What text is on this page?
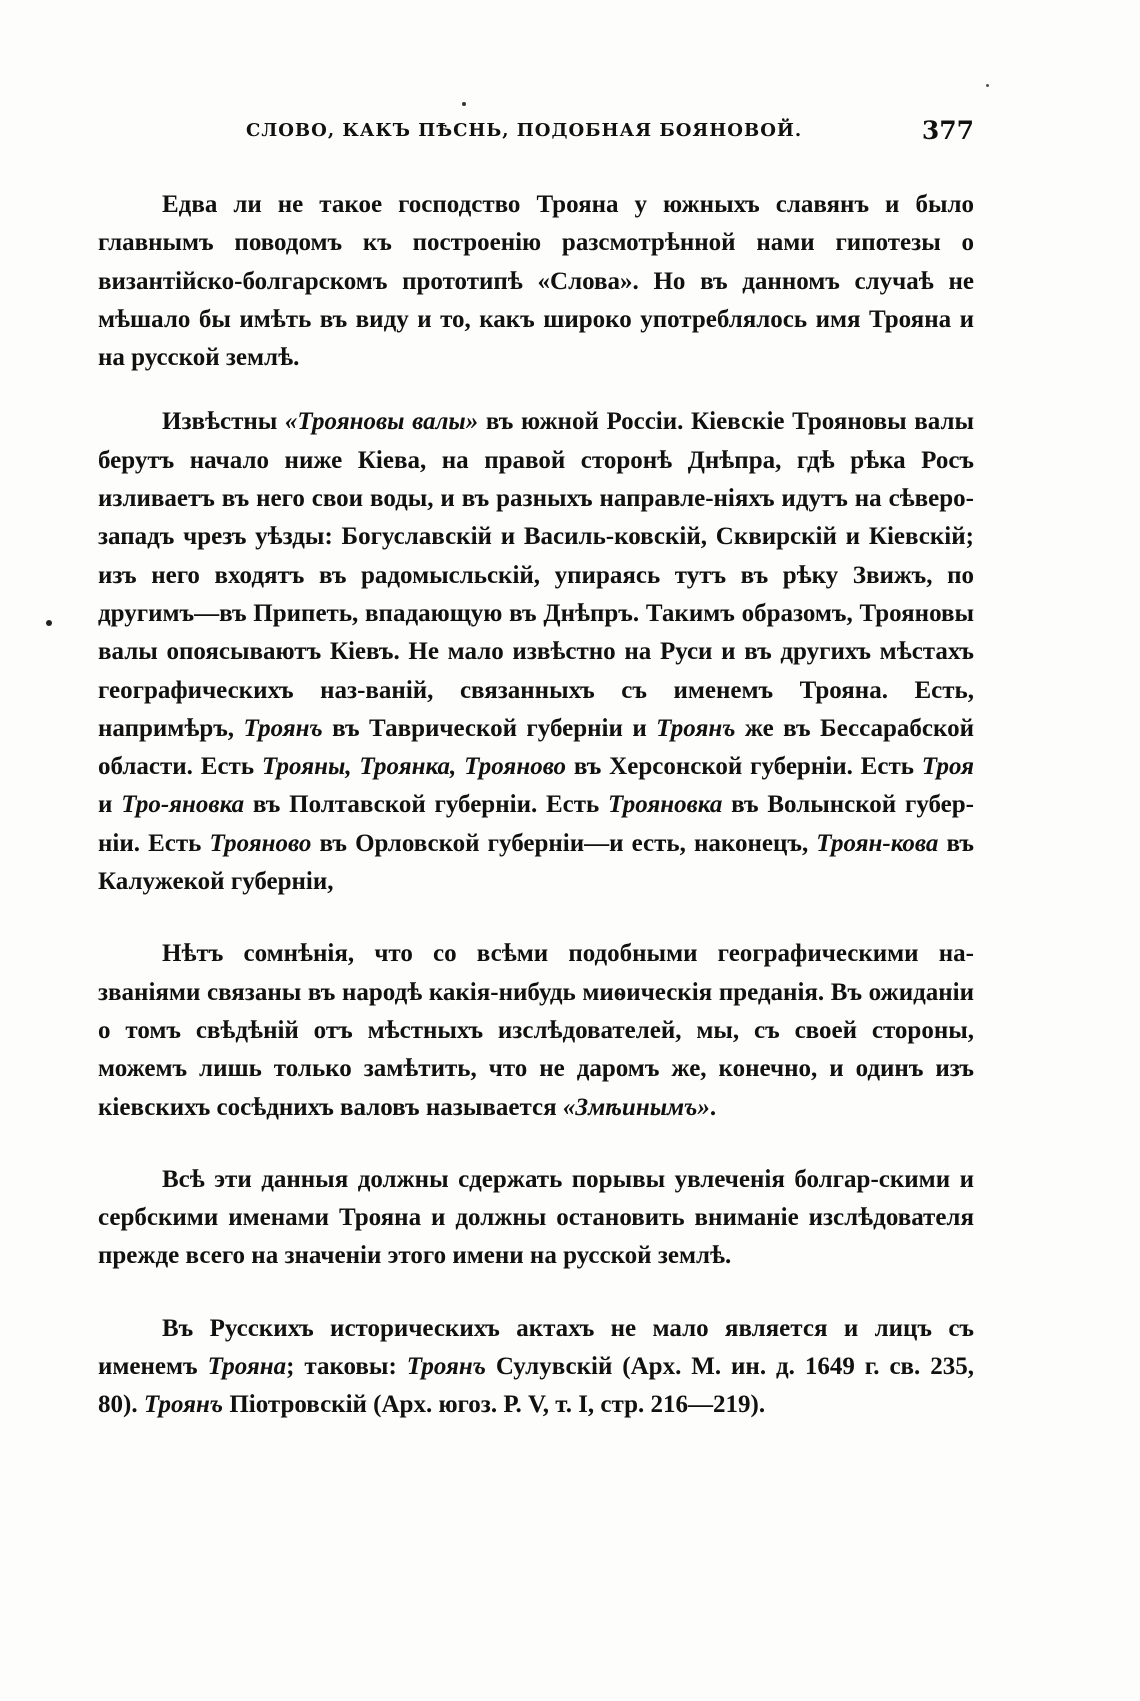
СЛОВО, КАКЪ ПѢСНЬ, ПОДОБНАЯ БОЯНОВОЙ.	377

Едва ли не такое господство Трояна у южныхъ славянъ и было главнымъ поводомъ къ построенію разсмотрѣнной нами гипотезы о византійско-болгарскомъ прототипѣ «Слова». Но въ данномъ случаѣ не мѣшало бы имѣть въ виду и то, какъ широко употреблялось имя Трояна и на русской землѣ.

Извѣстны «Трояновы валы» въ южной Россіи. Кіевскіе Трояновы валы берутъ начало ниже Кіева, на правой сторонѣ Днѣпра, гдѣ рѣка Росъ изливаетъ въ него свои воды, и въ разныхъ направле-ніяхъ идутъ на сѣверо-западъ чрезъ уѣзды: Богуславскій и Василь-ковскій, Сквирскій и Кіевскій; изъ него входятъ въ радомысльскій, упираясь тутъ въ рѣку Звижъ, по другимъ—въ Припеть, впадающую въ Днѣпръ. Такимъ образомъ, Трояновы валы опоясываютъ Кіевъ. Не мало извѣстно на Руси и въ другихъ мѣстахъ географическихъ наз-ваній, связанныхъ съ именемъ Трояна. Есть, напримѣръ, Троянъ въ Таврической губерніи и Троянъ же въ Бессарабской области. Есть Трояны, Троянка, Трояново въ Херсонской губерніи. Есть Троя и Тро-яновка въ Полтавской губерніи. Есть Трояновка въ Волынской губер-ніи. Есть Трояново въ Орловской губерніи—и есть, наконецъ, Троян-кова въ Калужекой губерніи,

Нѣтъ сомнѣнія, что со всѣми подобными географическими на-званіями связаны въ народѣ какія-нибудь миѳическія преданія. Въ ожиданіи о томъ свѣдѣній отъ мѣстныхъ изслѣдователей, мы, съ своей стороны, можемъ лишь только замѣтить, что не даромъ же, конечно, и одинъ изъ кіевскихъ сосѣднихъ валовъ называется «Змѣинымъ».

Всѣ эти данныя должны сдержать порывы увлеченія болгар-скими и сербскими именами Трояна и должны остановить вниманіе изслѣдователя прежде всего на значеніи этого имени на русской землѣ.

Въ Русскихъ историческихъ актахъ не мало является и лицъ съ именемъ Трояна; таковы: Троянъ Сулувскій (Арх. М. ин. д. 1649 г. св. 235, 80). Троянъ Піотровскій (Арх. югоз. Р. V, т. I, стр. 216—219).
